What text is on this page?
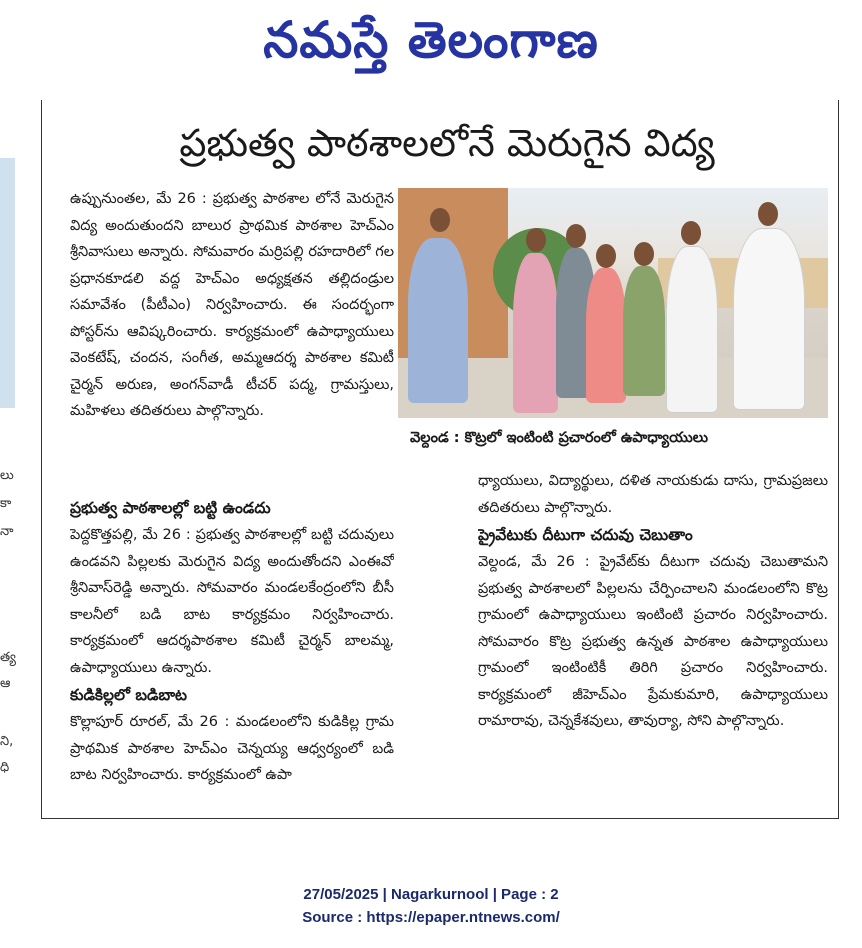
నమస్తే తెలంగాణ
లు
కా
నా
త్య
ఆ
ని,
ధి
ప్రభుత్వ పాఠశాలలోనే మెరుగైన విద్య

ఉప్పునుంతల, మే 26 : ప్రభుత్వ పాఠశాల లోనే మెరుగైన విద్య అందుతుందని బాలుర ప్రాథమిక పాఠశాల హెచ్ఎం శ్రీనివాసులు అన్నారు. సోమవారం మర్రిపల్లి రహదారిలో గల ప్రధానకూడలి వద్ద హెచ్ఎం అధ్యక్షతన తల్లిదండ్రుల సమావేశం (పీటీఎం) నిర్వహించారు. ఈ సందర్భంగా పోస్టర్‌ను ఆవిష్కరించారు. కార్యక్రమంలో ఉపాధ్యాయులు వెంకటేష్, చందన, సంగీత, అమ్మఆదర్శ పాఠశాల కమిటీ చైర్మన్ అరుణ, అంగన్‌వాడీ టీచర్ పద్మ, గ్రామస్తులు, మహిళలు తదితరులు పాల్గొన్నారు.

వెల్దండ : కొట్రలో ఇంటింటి ప్రచారంలో ఉపాధ్యాయులు

ప్రభుత్వ పాఠశాలల్లో బట్టి ఉండదు

పెద్దకొత్తపల్లి, మే 26 : ప్రభుత్వ పాఠశాలల్లో బట్టి చదువులు ఉండవని పిల్లలకు మెరుగైన విద్య అందుతోందని ఎంఈవో శ్రీనివాస్‌రెడ్డి అన్నారు. సోమవారం మండలకేంద్రంలోని బీసీ కాలనీలో బడి బాట కార్యక్రమం నిర్వహించారు. కార్యక్రమంలో ఆదర్శపాఠశాల కమిటీ చైర్మన్ బాలమ్మ, ఉపాధ్యాయులు ఉన్నారు.

కుడికిల్లలో బడిబాట

కొల్లాపూర్ రూరల్, మే 26 : మండలంలోని కుడికిల్ల గ్రామ ప్రాథమిక పాఠశాల హెచ్ఎం చెన్నయ్య ఆధ్వర్యంలో బడి బాట నిర్వహించారు. కార్యక్రమంలో ఉపా

ధ్యాయులు, విద్యార్థులు, దళిత నాయకుడు దాసు, గ్రామప్రజలు తదితరులు పాల్గొన్నారు.

ప్రైవేటుకు దీటుగా చదువు చెబుతాం

వెల్దండ, మే 26 : ప్రైవేట్‌కు దీటుగా చదువు చెబుతామని ప్రభుత్వ పాఠశాలలో పిల్లలను చేర్పించాలని మండలంలోని కొట్ర గ్రామంలో ఉపాధ్యాయులు ఇంటింటి ప్రచారం నిర్వహించారు. సోమవారం కొట్ర ప్రభుత్వ ఉన్నత పాఠశాల ఉపాధ్యాయులు గ్రామంలో ఇంటింటికీ తిరిగి ప్రచారం నిర్వహించారు. కార్యక్రమంలో జీహెచ్ఎం ప్రేమకుమారి, ఉపాధ్యాయులు రామారావు, చెన్నకేశవులు, తావుర్యా, సోని పాల్గొన్నారు.

27/05/2025 | Nagarkurnool | Page : 2
Source : https://epaper.ntnews.com/
